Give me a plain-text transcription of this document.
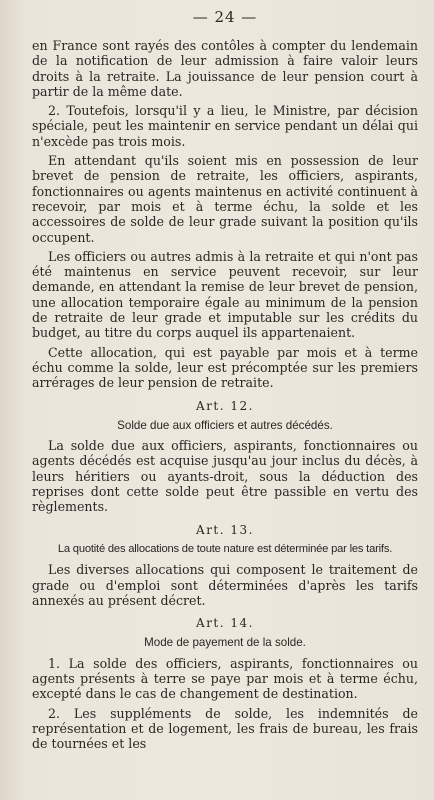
— 24 —
en France sont rayés des contôles à compter du lendemain de la notification de leur admission à faire valoir leurs droits à la retraite. La jouissance de leur pension court à partir de la même date.
2. Toutefois, lorsqu'il y a lieu, le Ministre, par décision spéciale, peut les maintenir en service pendant un délai qui n'excède pas trois mois.
En attendant qu'ils soient mis en possession de leur brevet de pension de retraite, les officiers, aspirants, fonctionnaires ou agents maintenus en activité continuent à recevoir, par mois et à terme échu, la solde et les accessoires de solde de leur grade suivant la position qu'ils occupent.
Les officiers ou autres admis à la retraite et qui n'ont pas été maintenus en service peuvent recevoir, sur leur demande, en attendant la remise de leur brevet de pension, une allocation temporaire égale au minimum de la pension de retraite de leur grade et imputable sur les crédits du budget, au titre du corps auquel ils appartenaient.
Cette allocation, qui est payable par mois et à terme échu comme la solde, leur est précomptée sur les premiers arrérages de leur pension de retraite.
Art. 12.
Solde due aux officiers et autres décédés.
La solde due aux officiers, aspirants, fonctionnaires ou agents décédés est acquise jusqu'au jour inclus du décès, à leurs héritiers ou ayants-droit, sous la déduction des reprises dont cette solde peut être passible en vertu des règlements.
Art. 13.
La quotité des allocations de toute nature est déterminée par les tarifs.
Les diverses allocations qui composent le traitement de grade ou d'emploi sont déterminées d'après les tarifs annexés au présent décret.
Art. 14.
Mode de payement de la solde.
1. La solde des officiers, aspirants, fonctionnaires ou agents présents à terre se paye par mois et à terme échu, excepté dans le cas de changement de destination.
2. Les suppléments de solde, les indemnités de représentation et de logement, les frais de bureau, les frais de tournées et les
